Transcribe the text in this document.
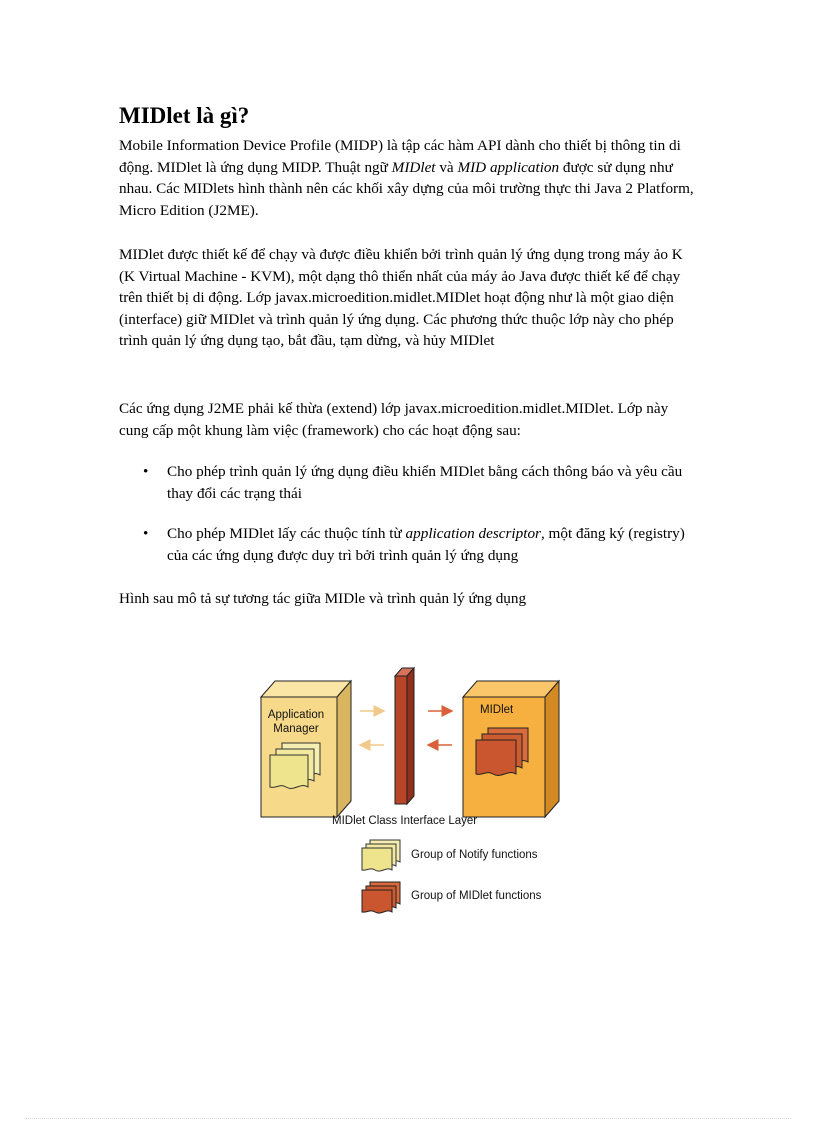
MIDlet là gì?

Mobile Information Device Profile (MIDP) là tập các hàm API dành cho thiết bị thông tin di động. MIDlet là ứng dụng MIDP. Thuật ngữ MIDlet và MID application được sử dụng như nhau. Các MIDlets hình thành nên các khối xây dựng của môi trường thực thi Java 2 Platform, Micro Edition (J2ME).

MIDlet được thiết kế để chạy và được điều khiển bởi trình quản lý ứng dụng trong máy ảo K (K Virtual Machine - KVM), một dạng thô thiển nhất của máy ảo Java được thiết kế để chạy trên thiết bị di động. Lớp javax.microedition.midlet.MIDlet hoạt động như là một giao diện (interface) giữ MIDlet và trình quản lý ứng dụng. Các phương thức thuộc lớp này cho phép trình quản lý ứng dụng tạo, bắt đầu, tạm dừng, và hủy MIDlet

Các ứng dụng J2ME phải kế thừa (extend) lớp javax.microedition.midlet.MIDlet. Lớp này cung cấp một khung làm việc (framework) cho các hoạt động sau:

• Cho phép trình quản lý ứng dụng điều khiển MIDlet bằng cách thông báo và yêu cầu thay đổi các trạng thái
• Cho phép MIDlet lấy các thuộc tính từ application descriptor, một đăng ký (registry) của các ứng dụng được duy trì bởi trình quản lý ứng dụng

Hình sau mô tả sự tương tác giữa MIDle và trình quản lý ứng dụng

Application
Manager
MIDlet
MIDlet Class Interface Layer
Group of Notify functions
Group of MIDlet functions
